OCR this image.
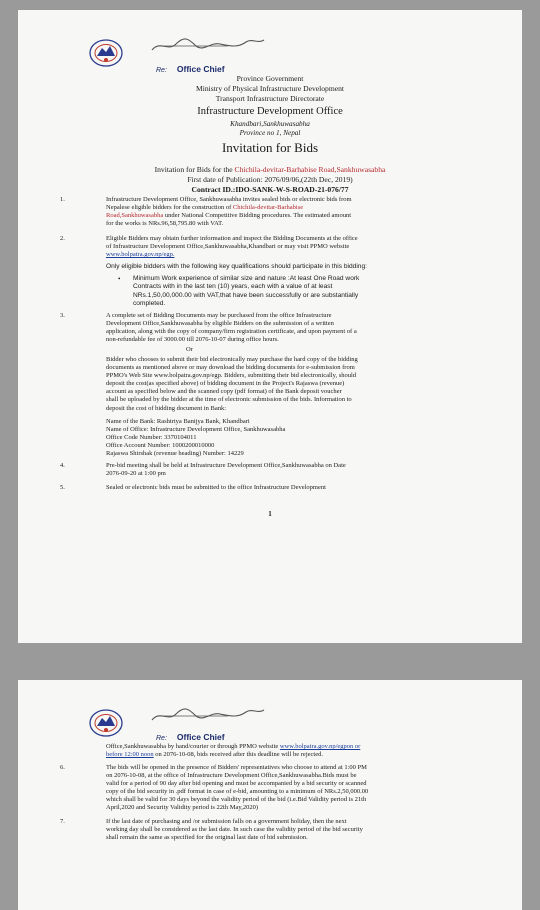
Re: Office Chief
Province Government
Ministry of Physical Infrastructure Development
Transport Infrastructure Directorate
Infrastructure Development Office
Khandbari,Sankhuwasabha
Province no 1, Nepal
Invitation for Bids
Invitation for Bids for the Chichila-devitar-Barhabise Road,Sankhuwasabha
First date of Publication: 2076/09/06,(22th Dec, 2019)
Contract ID.:IDO-SANK-W-S-ROAD-21-076/77
1.	Infrastructure Development Office, Sankhuwasabha invites sealed bids or electronic bids from
Nepalese eligible bidders for the construction of Chichila-devitar-Barhabise
Road,Sankhuwasabha under National Competitive Bidding procedures. The estimated amount
for the works is NRs.96,58,795.80 with VAT.
2.	Eligible Bidders may obtain further information and inspect the Bidding Documents at the office
of Infrastructure Development Office,Sankhuwasabha,Khandbari or may visit PPMO website
www.bolpatra.gov.np/egp.
Only eligible bidders with the following key qualifications should participate in this bidding:
• Minimum Work experience of similar size and nature :At least One Road work
Contracts with in the last ten (10) years, each with a value of at least
NRs.1,50,00,000.00 with VAT,that have been successfully or are substantially
completed.
3.	A complete set of Bidding Documents may be purchased from the office Infrastructure
Development Office,Sankhuwasabha by eligible Bidders on the submission of a written
application, along with the copy of company/firm registration certificate, and upon payment of a
non-refundable fee of 3000.00 till 2076-10-07 during office hours.
Or
Bidder who chooses to submit their bid electronically may purchase the hard copy of the bidding
documents as mentioned above or may download the bidding documents for e-submission from
PPMO's Web Site www.bolpatra.gov.np/egp. Bidders, submitting their bid electronically, should
deposit the cost(as specified above) of bidding document in the Project's Rajaswa (revenue)
account as specified below and the scanned copy (pdf format) of the Bank deposit voucher
shall be uploaded by the bidder at the time of electronic submission of the bids. Information to
deposit the cost of bidding document in Bank:
Name of the Bank: Rashtriya Banijya Bank, Khandbari
Name of Office: Infrastructure Development Office, Sankhuwasabha
Office Code Number: 3370104011
Office Account Number: 1000200010000
Rajaswa Shirshak (revenue heading) Number: 14229
4.	Pre-bid meeting shall be held at Infrastructure Development Office,Sankhuwasabha on Date
2076-09-20 at 1:00 pm
5.	Sealed or electronic bids must be submitted to the office Infrastructure Development
1
Re: Office Chief
Office,Sankhuwasabha by hand/courier or through PPMO website www.bolpatra.gov.np/egpon or
before 12:00 noon on 2076-10-08, bids received after this deadline will be rejected.
6.	The bids will be opened in the presence of Bidders' representatives who choose to attend at 1:00 PM
on 2076-10-08, at the office of Infrastructure Development Office,Sankhuwasabha.Bids must be
valid for a period of 90 day after bid opening and must be accompanied by a bid security or scanned
copy of the bid security in .pdf format in case of e-bid, amounting to a minimum of NRs.2,50,000.00
which shall be valid for 30 days beyond the validity period of the bid (i.e.Bid Validity period is 21th
April,2020 and Security Validity period is 22th May,2020)
7.	If the last date of purchasing and /or submission falls on a government holiday, then the next
working day shall be considered as the last date. In such case the validity period of the bid security
shall remain the same as specified for the original last date of bid submission.
